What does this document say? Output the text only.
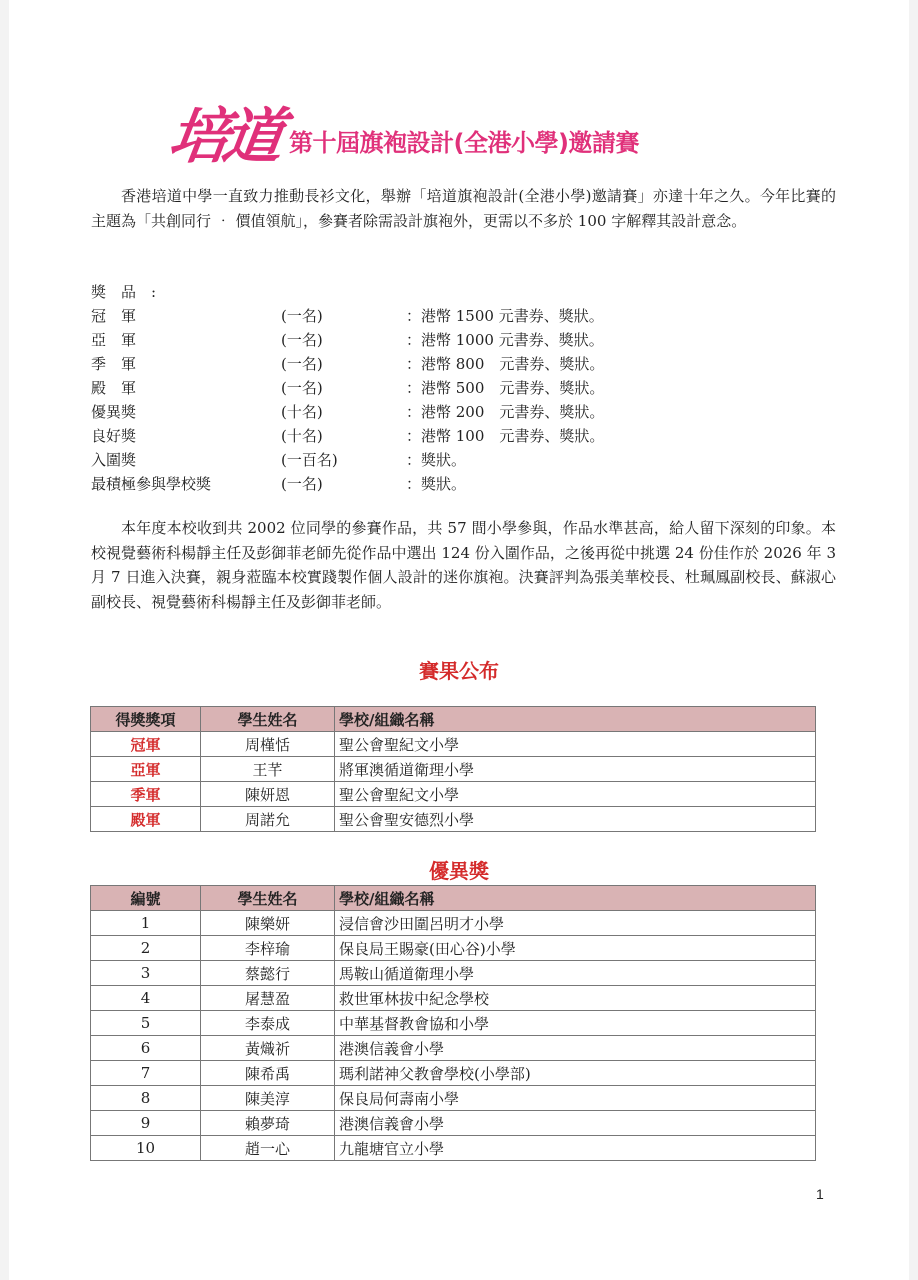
培道 第十屆旗袍設計(全港小學)邀請賽

香港培道中學一直致力推動長衫文化，舉辦「培道旗袍設計(全港小學)邀請賽」亦達十年之久。今年比賽的主題為「共創同行 ‧ 價值領航」，參賽者除需設計旗袍外，更需以不多於 100 字解釋其設計意念。

獎品:
冠　軍	(一名)	：港幣 1500 元書券、獎狀。
亞　軍	(一名)	：港幣 1000 元書券、獎狀。
季　軍	(一名)	：港幣 800　元書券、獎狀。
殿　軍	(一名)	：港幣 500　元書券、獎狀。
優異獎	(十名)	：港幣 200　元書券、獎狀。
良好獎	(十名)	：港幣 100　元書券、獎狀。
入圍獎	(一百名)	：獎狀。
最積極參與學校獎	(一名)	：獎狀。

本年度本校收到共 2002 位同學的參賽作品，共 57 間小學參與，作品水準甚高，給人留下深刻的印象。本校視覺藝術科楊靜主任及彭御菲老師先從作品中選出 124 份入圍作品，之後再從中挑選 24 份佳作於 2026 年 3 月 7 日進入決賽，親身蒞臨本校實踐製作個人設計的迷你旗袍。決賽評判為張美華校長、杜珮鳳副校長、蘇淑心副校長、視覺藝術科楊靜主任及彭御菲老師。

賽果公布
得獎獎項	學生姓名	學校/組織名稱
冠軍	周槿恬	聖公會聖紀文小學
亞軍	王芊	將軍澳循道衛理小學
季軍	陳妍恩	聖公會聖紀文小學
殿軍	周諾允	聖公會聖安德烈小學
優異獎
編號	學生姓名	學校/組織名稱
1	陳樂妍	浸信會沙田圍呂明才小學
2	李梓瑜	保良局王賜豪(田心谷)小學
3	蔡懿行	馬鞍山循道衛理小學
4	屠慧盈	救世軍林拔中紀念學校
5	李泰成	中華基督教會協和小學
6	黃熾祈	港澳信義會小學
7	陳希禹	瑪利諾神父教會學校(小學部)
8	陳美淳	保良局何壽南小學
9	賴夢琦	港澳信義會小學
10	趙一心	九龍塘官立小學
1
